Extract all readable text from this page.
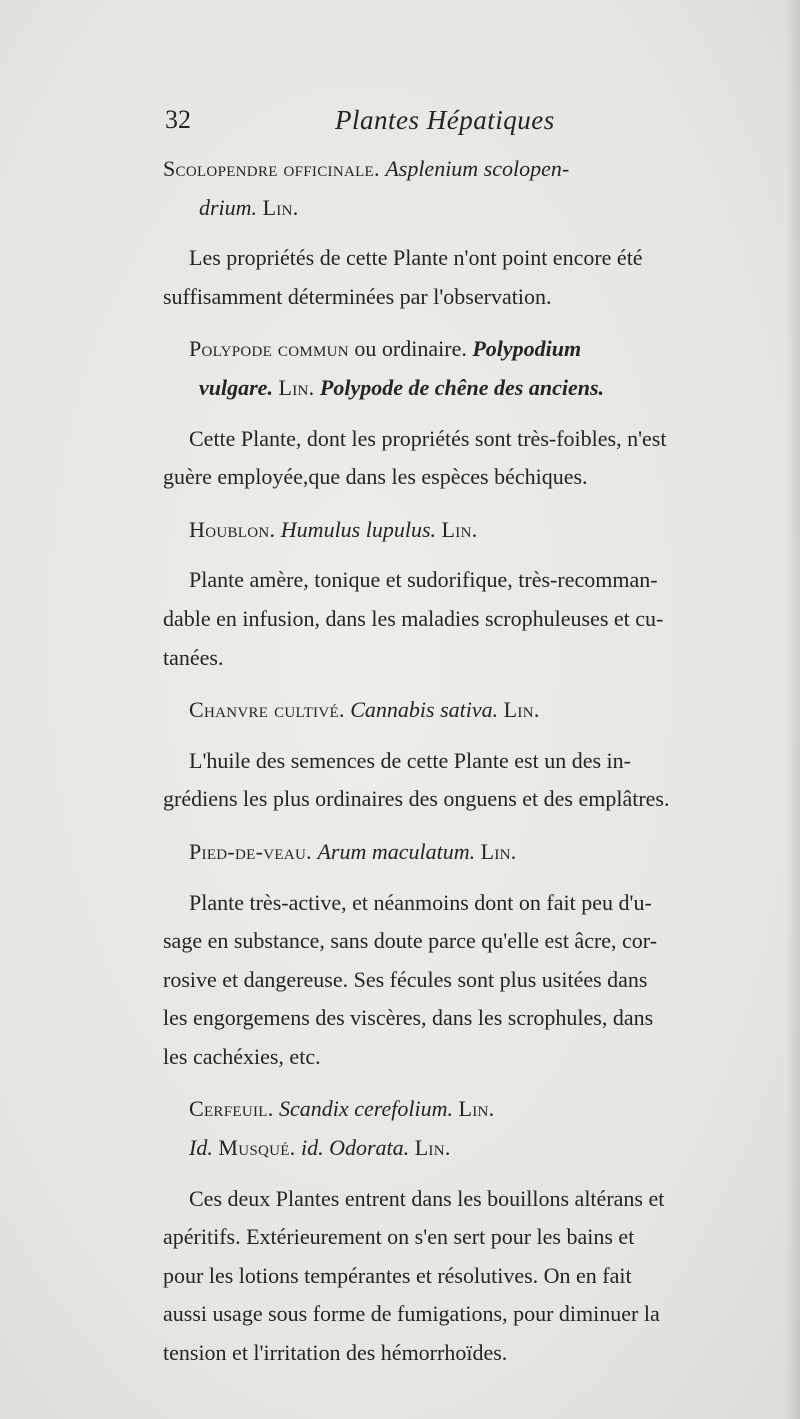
32	Plantes Hépatiques
Scolopendre officinale. Asplenium scolopen-
drium. Lin.
Les propriétés de cette Plante n'ont point encore été
suffisamment déterminées par l'observation.
Polypode commun ou ordinaire. Polypodium
vulgare. Lin. Polypode de chêne des anciens.
Cette Plante, dont les propriétés sont très-foibles, n'est
guère employée,que dans les espèces béchiques.
Houblon. Humulus lupulus. Lin.
Plante amère, tonique et sudorifique, très-recomman-
dable en infusion, dans les maladies scrophuleuses et cu-
tanées.
Chanvre cultivé. Cannabis sativa. Lin.
L'huile des semences de cette Plante est un des in-
grédiens les plus ordinaires des onguens et des emplâtres.
Pied-de-veau. Arum maculatum. Lin.
Plante très-active, et néanmoins dont on fait peu d'u-
sage en substance, sans doute parce qu'elle est âcre, cor-
rosive et dangereuse. Ses fécules sont plus usitées dans
les engorgemens des viscères, dans les scrophules, dans
les cachéxies, etc.
Cerfeuil. Scandix cerefolium. Lin.
Id. Musqué. id. Odorata. Lin.
Ces deux Plantes entrent dans les bouillons altérans et
apéritifs. Extérieurement on s'en sert pour les bains et
pour les lotions tempérantes et résolutives. On en fait
aussi usage sous forme de fumigations, pour diminuer la
tension et l'irritation des hémorrhoïdes.
